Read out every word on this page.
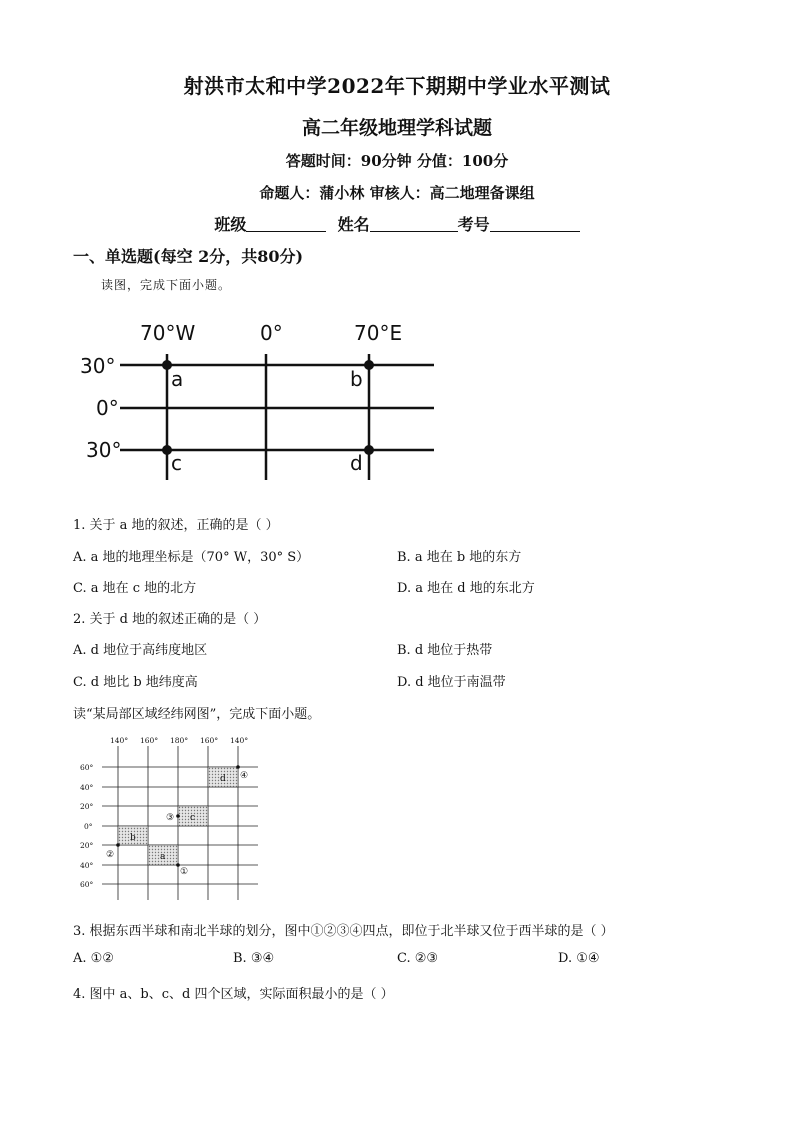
射洪市太和中学2022年下期期中学业水平测试
高二年级地理学科试题
答题时间：90分钟 分值：100分
命题人：蒲小林 审核人：高二地理备课组
班级	姓名	考号
一、单选题(每空 2分，共80分)
读图，完成下面小题。
70°W	0°	70°E
30°
0°
30°
a	b
c	d
1. 关于 a 地的叙述，正确的是（ ）
A. a 地的地理坐标是（70° W，30° S）	B. a 地在 b 地的东方
C. a 地在 c 地的北方	D. a 地在 d 地的东北方
2. 关于 d 地的叙述正确的是（ ）
A. d 地位于高纬度地区	B. d 地位于热带
C. d 地比 b 地纬度高	D. d 地位于南温带
读“某局部区域经纬网图”，完成下面小题。
140° 160° 180° 160° 140°
60°
40°
20°
0°
20°
40°
60°
a
b
c
d
①
②
③
④
3. 根据东西半球和南北半球的划分，图中①②③④四点，即位于北半球又位于西半球的是（ ）
A. ①②	B. ③④	C. ②③	D. ①④
4. 图中 a、b、c、d 四个区域，实际面积最小的是（ ）
